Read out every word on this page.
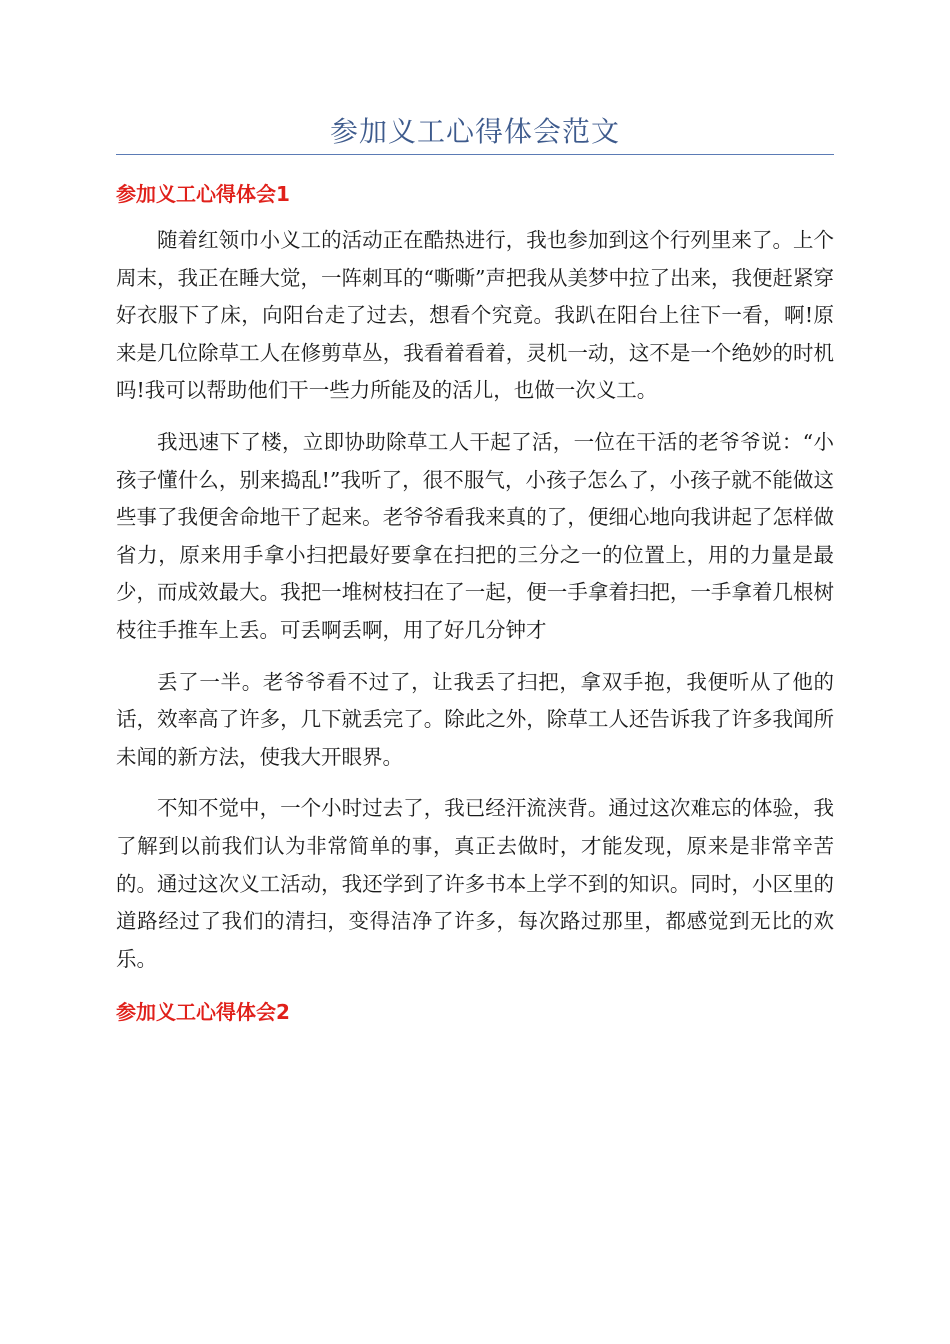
参加义工心得体会范文
参加义工心得体会1

随着红领巾小义工的活动正在酷热进行，我也参加到这个行列里来了。上个周末，我正在睡大觉，一阵刺耳的“嘶嘶”声把我从美梦中拉了出来，我便赶紧穿好衣服下了床，向阳台走了过去，想看个究竟。我趴在阳台上往下一看，啊!原来是几位除草工人在修剪草丛，我看着看着，灵机一动，这不是一个绝妙的时机吗!我可以帮助他们干一些力所能及的活儿，也做一次义工。

我迅速下了楼，立即协助除草工人干起了活，一位在干活的老爷爷说：“小孩子懂什么，别来捣乱!”我听了，很不服气，小孩子怎么了，小孩子就不能做这些事了我便舍命地干了起来。老爷爷看我来真的了，便细心地向我讲起了怎样做省力，原来用手拿小扫把最好要拿在扫把的三分之一的位置上，用的力量是最少，而成效最大。我把一堆树枝扫在了一起，便一手拿着扫把，一手拿着几根树枝往手推车上丢。可丢啊丢啊，用了好几分钟才

丢了一半。老爷爷看不过了，让我丢了扫把，拿双手抱，我便听从了他的话，效率高了许多，几下就丢完了。除此之外，除草工人还告诉我了许多我闻所未闻的新方法，使我大开眼界。

不知不觉中，一个小时过去了，我已经汗流浃背。通过这次难忘的体验，我了解到以前我们认为非常简单的事，真正去做时，才能发现，原来是非常辛苦的。通过这次义工活动，我还学到了许多书本上学不到的知识。同时，小区里的道路经过了我们的清扫，变得洁净了许多，每次路过那里，都感觉到无比的欢乐。

参加义工心得体会2
